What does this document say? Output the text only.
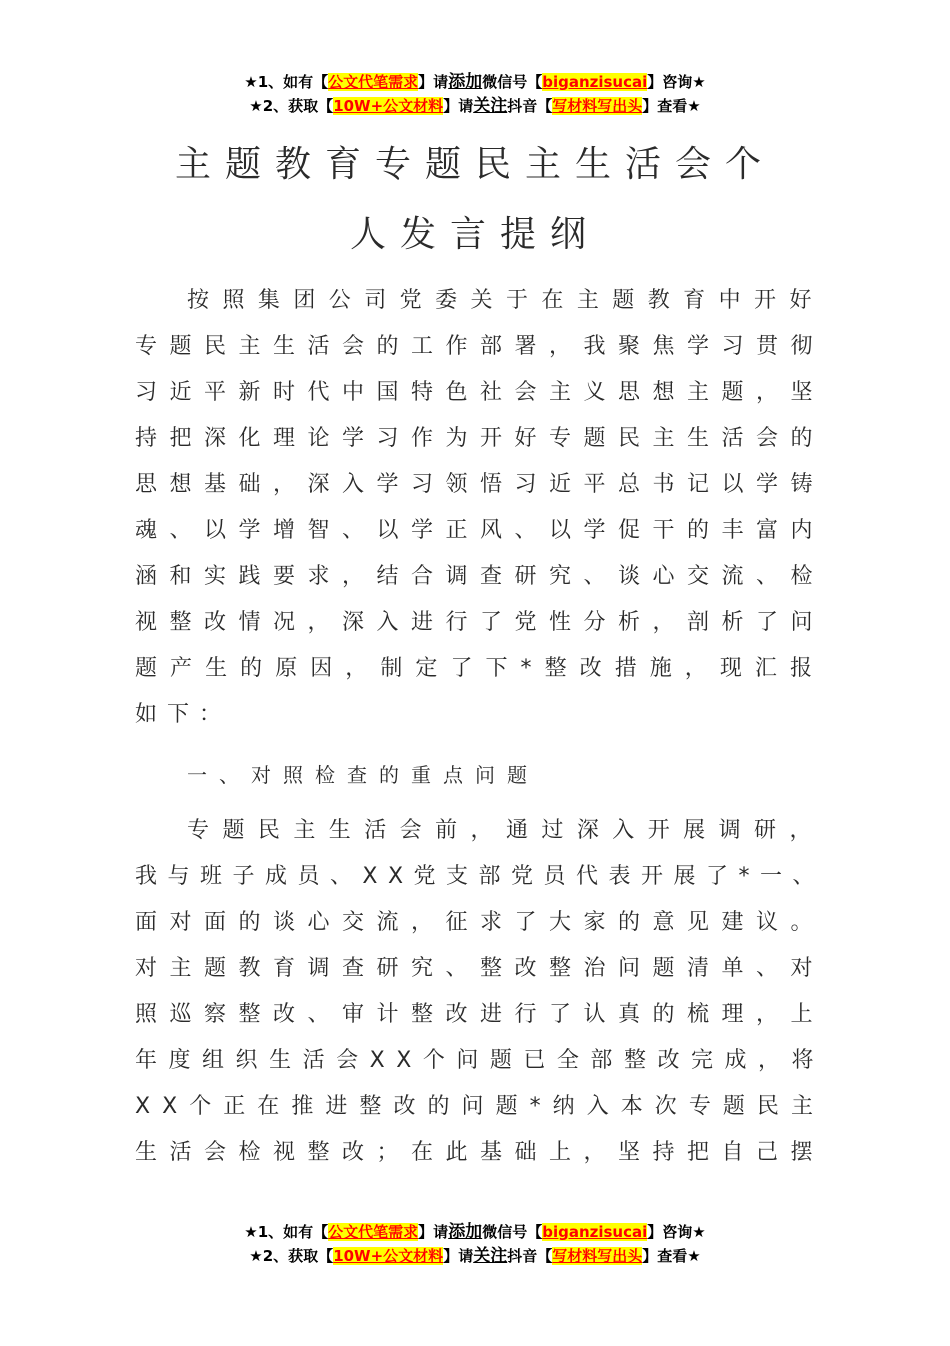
★1、如有【公文代笔需求】请添加微信号【biganzisucai】咨询★
★2、获取【10W+公文材料】请关注抖音【写材料写出头】查看★
主题教育专题民主生活会个
人发言提纲
按照集团公司党委关于在主题教育中开好
专题民主生活会的工作部署，我聚焦学习贯彻
习近平新时代中国特色社会主义思想主题，坚
持把深化理论学习作为开好专题民主生活会的
思想基础，深入学习领悟习近平总书记以学铸
魂、以学增智、以学正风、以学促干的丰富内
涵和实践要求，结合调查研究、谈心交流、检
视整改情况，深入进行了党性分析，剖析了问
题产生的原因，制定了下*整改措施，现汇报
如下：
一、对照检查的重点问题
专题民主生活会前，通过深入开展调研，
我与班子成员、XX党支部党员代表开展了*一、
面对面的谈心交流，征求了大家的意见建议。
对主题教育调查研究、整改整治问题清单、对
照巡察整改、审计整改进行了认真的梳理，上
年度组织生活会XX个问题已全部整改完成，将
XX个正在推进整改的问题*纳入本次专题民主
生活会检视整改；在此基础上，坚持把自己摆
★1、如有【公文代笔需求】请添加微信号【biganzisucai】咨询★
★2、获取【10W+公文材料】请关注抖音【写材料写出头】查看★
